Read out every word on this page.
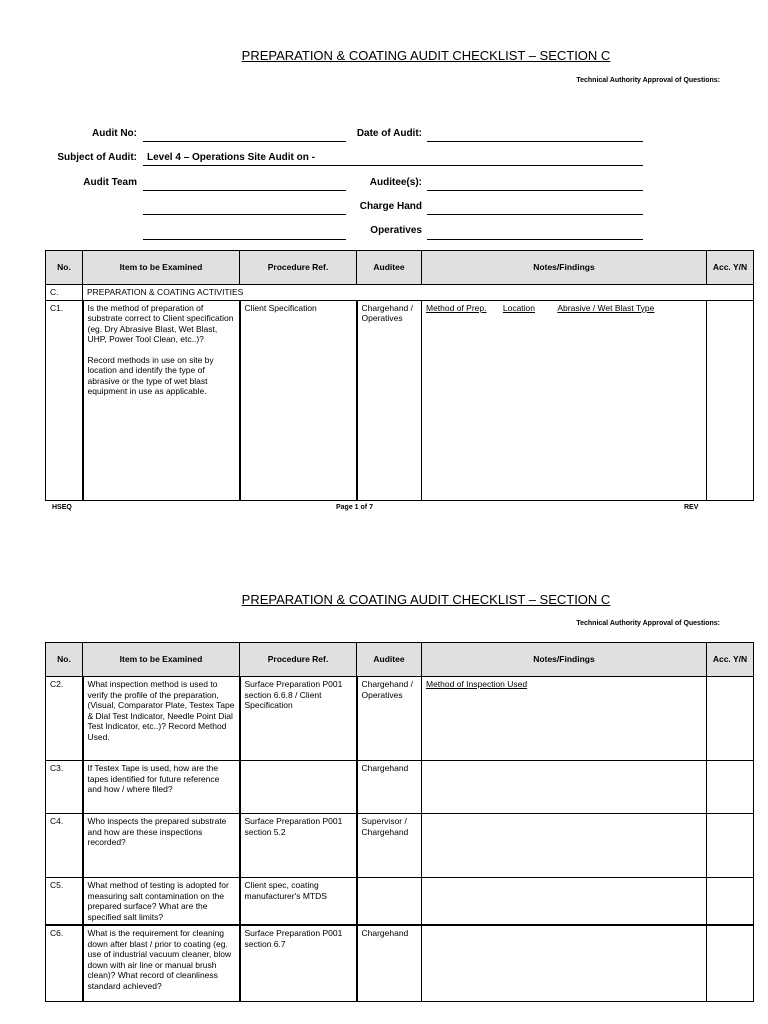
PREPARATION & COATING AUDIT CHECKLIST – SECTION C
Technical Authority Approval of Questions:
Audit No:	Date of Audit:
Subject of Audit: Level 4 – Operations Site Audit on -
Audit Team	Auditee(s):
Charge Hand
Operatives
No.	Item to be Examined	Procedure Ref.	Auditee	Notes/Findings	Acc. Y/N
C.	PREPARATION & COATING ACTIVITIES				
C1.	Is the method of preparation of substrate correct to Client specification (eg. Dry Abrasive Blast, Wet Blast, UHP, Power Tool Clean, etc..)?
Record methods in use on site by location and identify the type of abrasive or the type of wet blast equipment in use as applicable.	Client Specification	Chargehand / Operatives	Method of Prep. Location Abrasive / Wet Blast Type	
HSEQ	Page 1 of 7	REV
PREPARATION & COATING AUDIT CHECKLIST – SECTION C
Technical Authority Approval of Questions:
No.	Item to be Examined	Procedure Ref.	Auditee	Notes/Findings	Acc. Y/N
C2.	What inspection method is used to verify the profile of the preparation, (Visual, Comparator Plate, Testex Tape & Dial Test Indicator, Needle Point Dial Test Indicator, etc..)? Record Method Used.	Surface Preparation P001 section 6.6.8 / Client Specification	Chargehand / Operatives	Method of Inspection Used	
C3.	If Testex Tape is used, how are the tapes identified for future reference and how / where filed?		Chargehand		
C4.	Who inspects the prepared substrate and how are these inspections recorded?	Surface Preparation P001 section 5.2	Supervisor / Chargehand		
C5.	What method of testing is adopted for measuring salt contamination on the prepared surface? What are the specified salt limits?	Client spec, coating manufacturer's MTDS			
C6.	What is the requirement for cleaning down after blast / prior to coating (eg. use of industrial vacuum cleaner, blow down with air line or manual brush clean)? What record of cleanliness standard achieved?	Surface Preparation P001 section 6.7	Chargehand		
